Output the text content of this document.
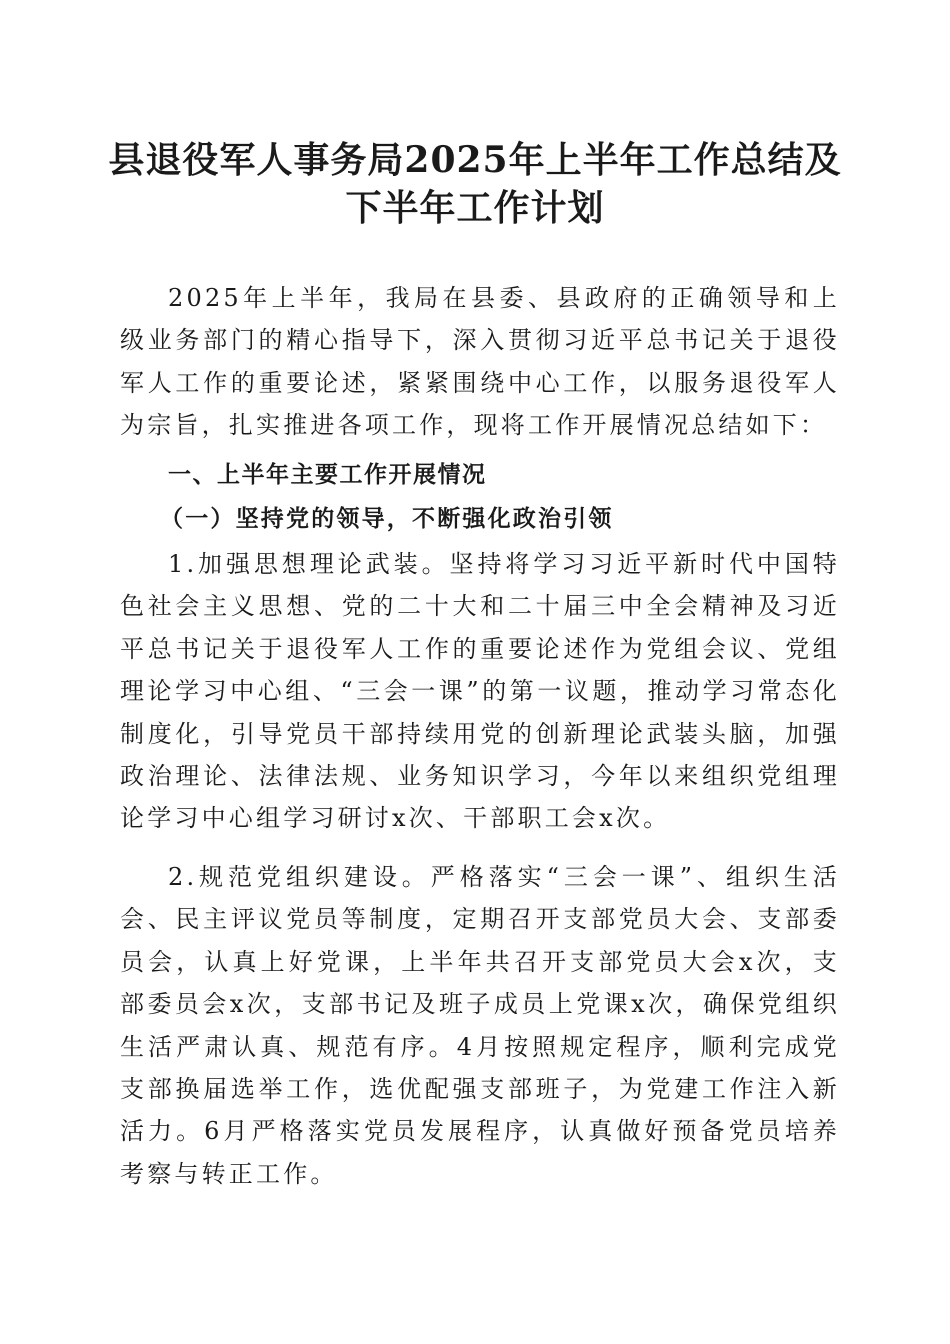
县退役军人事务局2025年上半年工作总结及
下半年工作计划

2025年上半年，我局在县委、县政府的正确领导和上级业务部门的精心指导下，深入贯彻习近平总书记关于退役军人工作的重要论述，紧紧围绕中心工作，以服务退役军人为宗旨，扎实推进各项工作，现将工作开展情况总结如下：

一、上半年主要工作开展情况
（一）坚持党的领导，不断强化政治引领

1.加强思想理论武装。坚持将学习习近平新时代中国特色社会主义思想、党的二十大和二十届三中全会精神及习近平总书记关于退役军人工作的重要论述作为党组会议、党组理论学习中心组、“三会一课”的第一议题，推动学习常态化制度化，引导党员干部持续用党的创新理论武装头脑，加强政治理论、法律法规、业务知识学习，今年以来组织党组理论学习中心组学习研讨x次、干部职工会x次。

2.规范党组织建设。严格落实“三会一课”、组织生活会、民主评议党员等制度，定期召开支部党员大会、支部委员会，认真上好党课，上半年共召开支部党员大会x次，支部委员会x次，支部书记及班子成员上党课x次，确保党组织生活严肃认真、规范有序。4月按照规定程序，顺利完成党支部换届选举工作，选优配强支部班子，为党建工作注入新活力。6月严格落实党员发展程序，认真做好预备党员培养考察与转正工作。
